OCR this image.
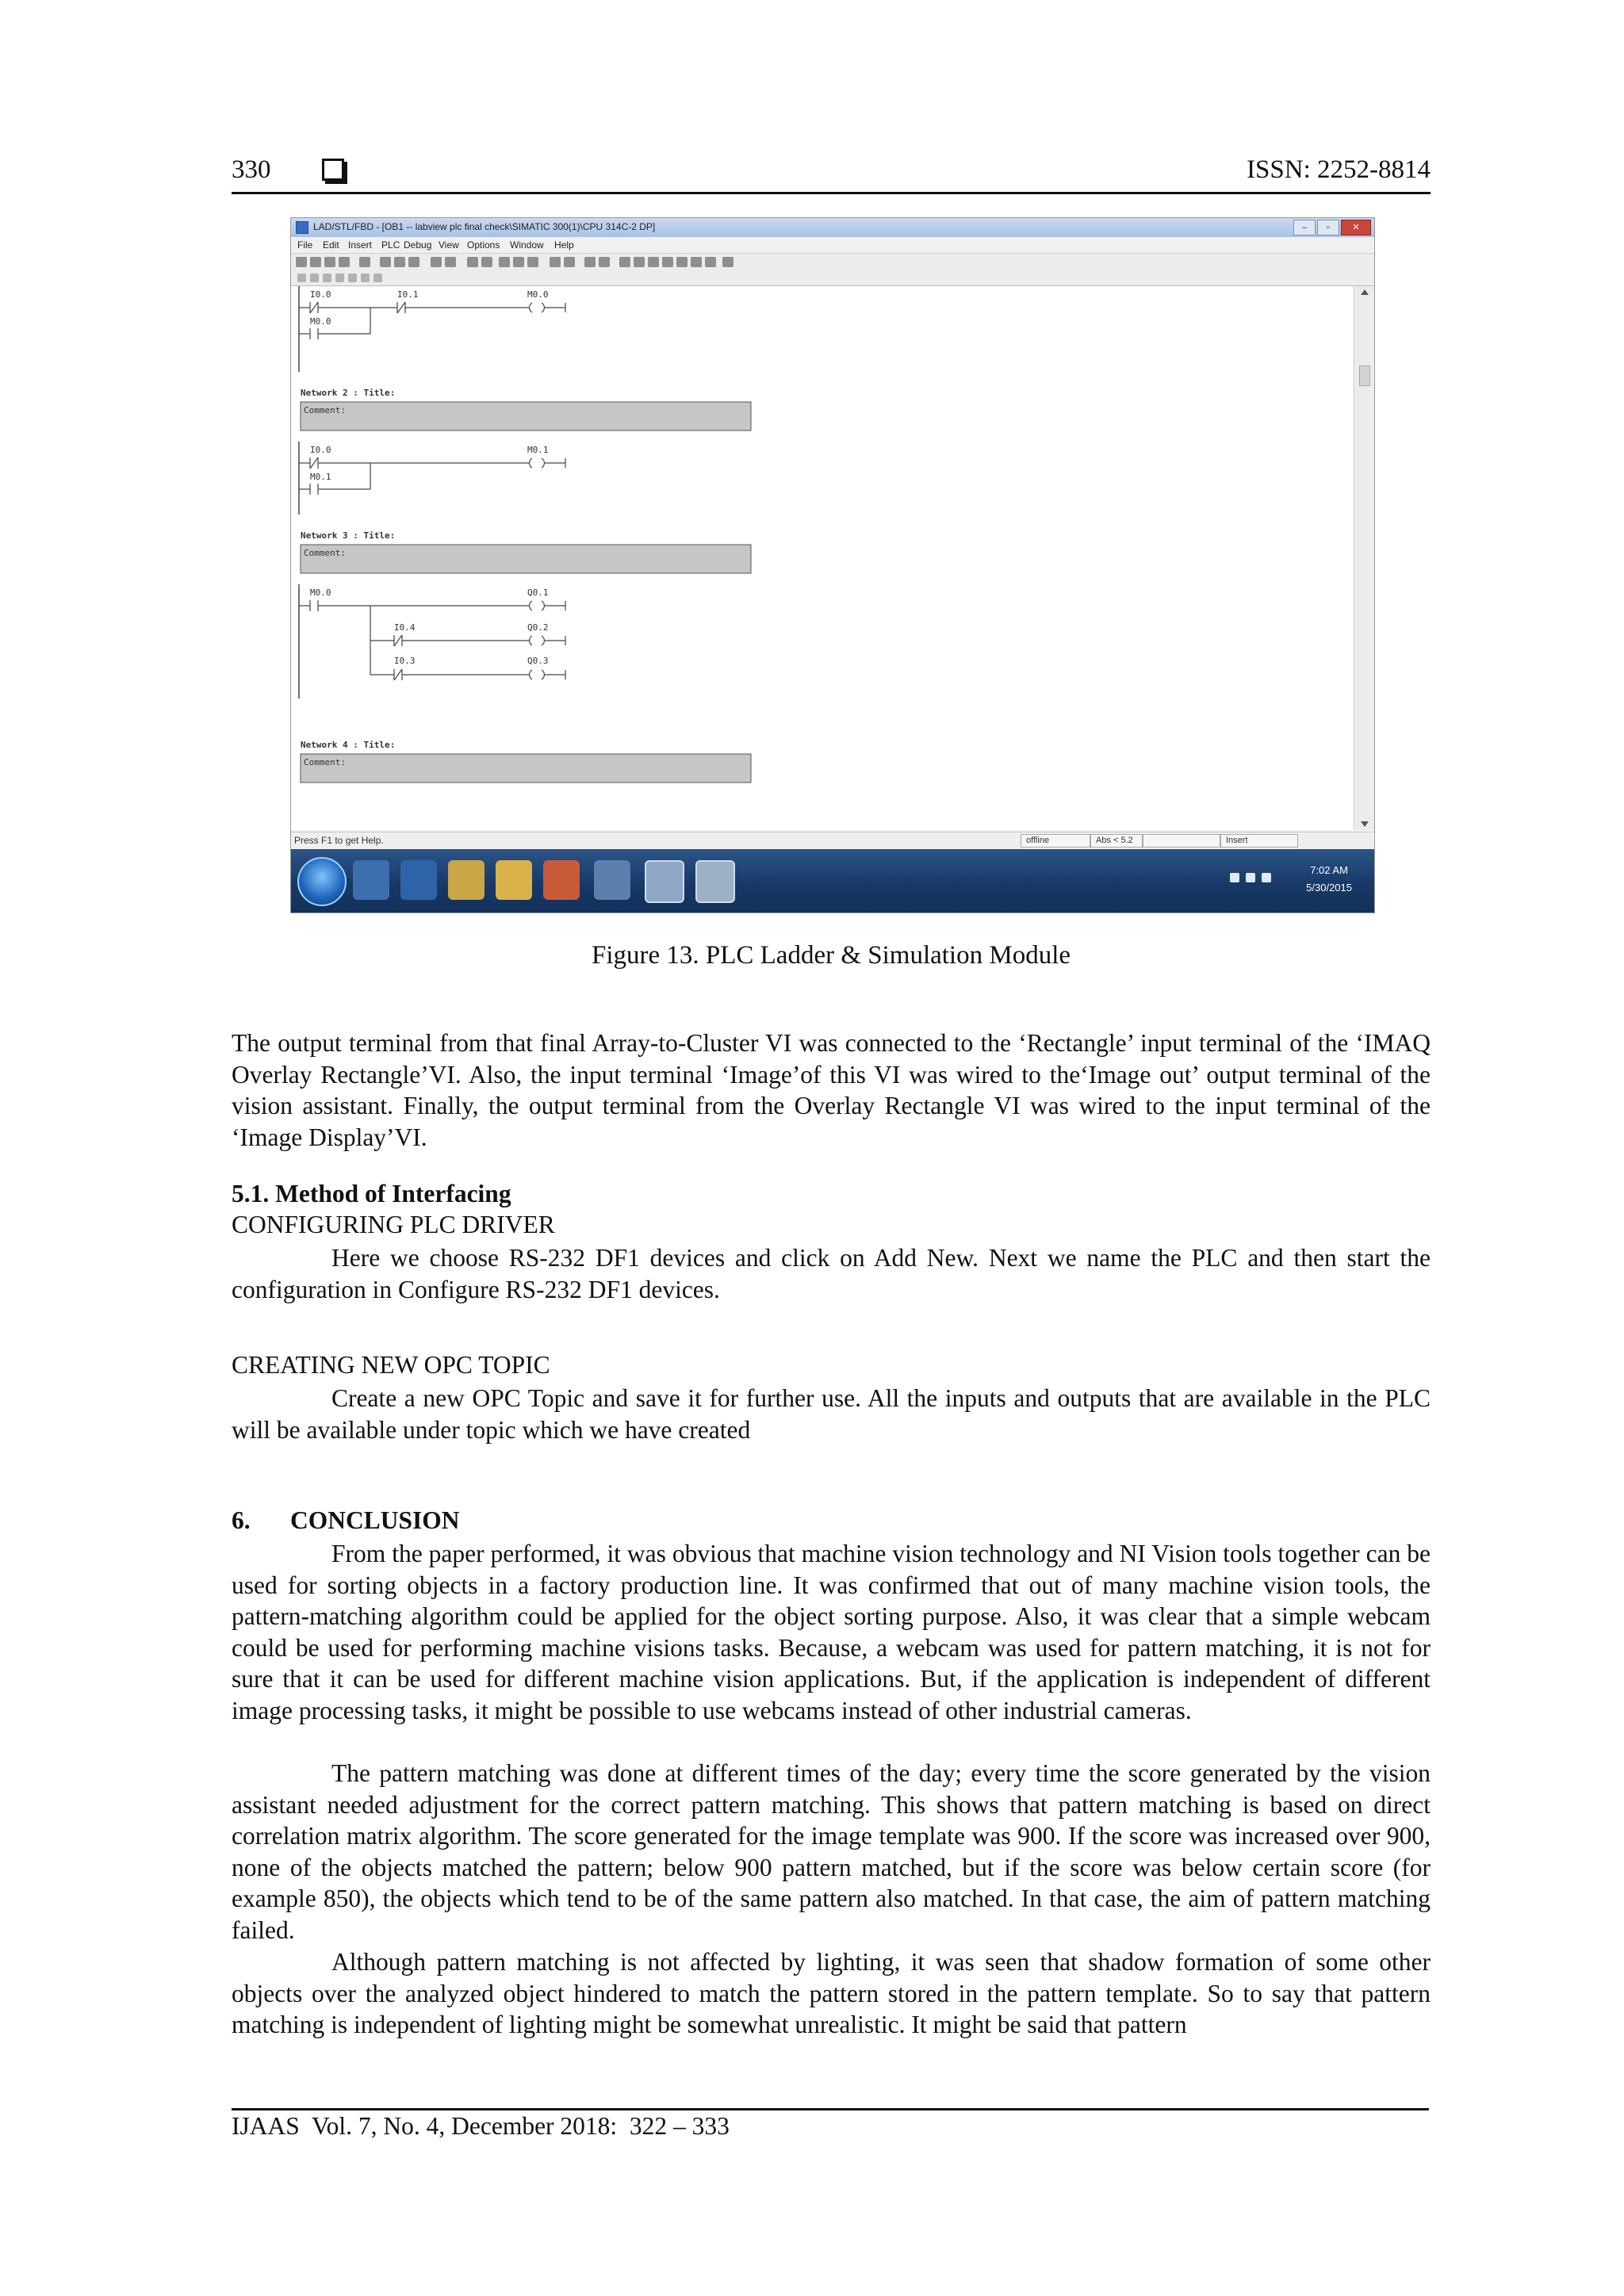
330	ISSN: 2252-8814
LAD/STL/FBD - [OB1 -- labview plc final check\SIMATIC 300(1)\CPU 314C-2 DP]	–	▫	✕
File Edit Insert PLC Debug View Options Window Help
I0.0	I0.1	M0.0
M0.0
Network 2 : Title:
Comment:
I0.0	M0.1
M0.1
Network 3 : Title:
Comment:
M0.0	Q0.1
I0.4	Q0.2
I0.3	Q0.3
Network 4 : Title:
Comment:
Press F1 to get Help.	offline	Abs < 5.2	Insert
7:02 AM
5/30/2015
Figure 13. PLC Ladder & Simulation Module

The output terminal from that final Array-to-Cluster VI was connected to the ‘Rectangle’ input terminal of the ‘IMAQ Overlay Rectangle’VI. Also, the input terminal ‘Image’of this VI was wired to the‘Image out’ output terminal of the vision assistant. Finally, the output terminal from the Overlay Rectangle VI was wired to the input terminal of the ‘Image Display’VI.

5.1. Method of Interfacing
CONFIGURING PLC DRIVER

Here we choose RS-232 DF1 devices and click on Add New. Next we name the PLC and then start the configuration in Configure RS-232 DF1 devices.

CREATING NEW OPC TOPIC

Create a new OPC Topic and save it for further use. All the inputs and outputs that are available in the PLC will be available under topic which we have created

6. CONCLUSION

From the paper performed, it was obvious that machine vision technology and NI Vision tools together can be used for sorting objects in a factory production line. It was confirmed that out of many machine vision tools, the pattern-matching algorithm could be applied for the object sorting purpose. Also, it was clear that a simple webcam could be used for performing machine visions tasks. Because, a webcam was used for pattern matching, it is not for sure that it can be used for different machine vision applications. But, if the application is independent of different image processing tasks, it might be possible to use webcams instead of other industrial cameras.

The pattern matching was done at different times of the day; every time the score generated by the vision assistant needed adjustment for the correct pattern matching. This shows that pattern matching is based on direct correlation matrix algorithm. The score generated for the image template was 900. If the score was increased over 900, none of the objects matched the pattern; below 900 pattern matched, but if the score was below certain score (for example 850), the objects which tend to be of the same pattern also matched. In that case, the aim of pattern matching failed.

Although pattern matching is not affected by lighting, it was seen that shadow formation of some other objects over the analyzed object hindered to match the pattern stored in the pattern template. So to say that pattern matching is independent of lighting might be somewhat unrealistic. It might be said that pattern

IJAAS  Vol. 7, No. 4, December 2018:  322 – 333
